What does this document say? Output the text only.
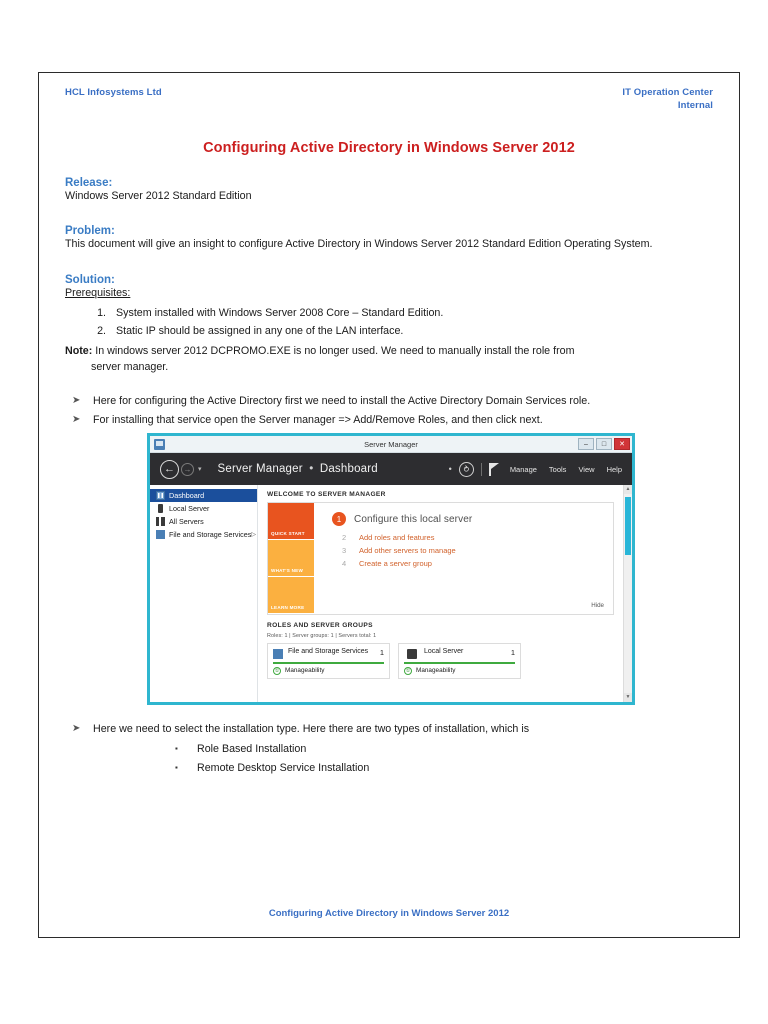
HCL Infosystems Ltd	IT Operation Center
Internal
Configuring Active Directory in Windows Server 2012
Release:
Windows Server 2012 Standard Edition
Problem:
This document will give an insight to configure Active Directory in Windows Server 2012 Standard Edition Operating System.
Solution:
Prerequisites:
1. System installed with Windows Server 2008 Core – Standard Edition.
2. Static IP should be assigned in any one of the LAN interface.
Note: In windows server 2012 DCPROMO.EXE is no longer used. We need to manually install the role from
server manager.
➤	Here for configuring the Active Directory first we need to install the Active Directory Domain Services role.
➤	For installing that service open the Server manager => Add/Remove Roles, and then click next.
Server Manager	–	□	✕
←	→ ▾ Server Manager • Dashboard	•	⥁	Manage Tools View Help
Dashboard
Local Server
All Servers
File and Storage Services ▷
WELCOME TO SERVER MANAGER
QUICK START
WHAT'S NEW
LEARN MORE
1	Configure this local server
2	Add roles and features
3	Add other servers to manage
4	Create a server group
Hide
ROLES AND SERVER GROUPS
Roles: 1 | Server groups: 1 | Servers total: 1
File and Storage Services	1
① Manageability
Local Server	1
① Manageability
▲
▼
➤	Here we need to select the installation type. Here there are two types of installation, which is
▪	Role Based Installation
▪	Remote Desktop Service Installation
Configuring Active Directory in Windows Server 2012
